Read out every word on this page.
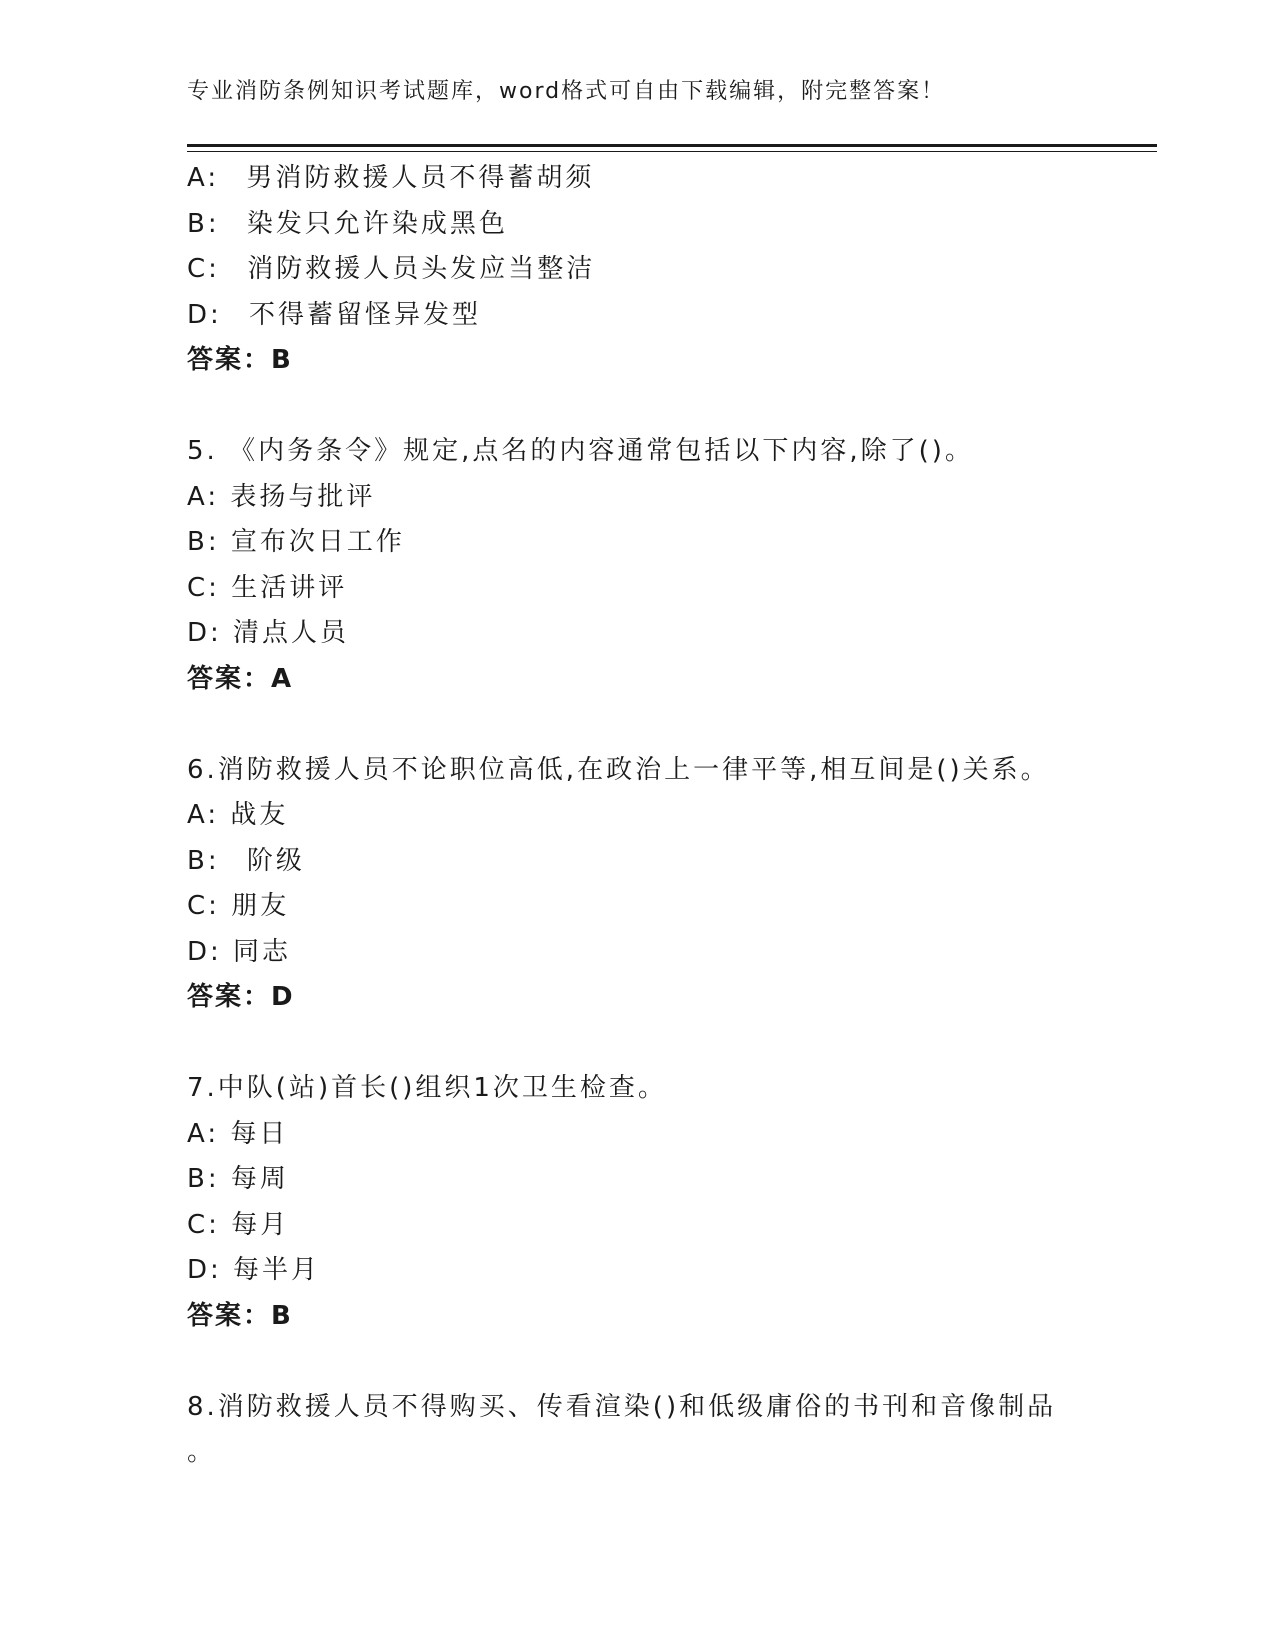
专业消防条例知识考试题库，word格式可自由下载编辑，附完整答案！
A: 男消防救援人员不得蓄胡须
B: 染发只允许染成黑色
C: 消防救援人员头发应当整洁
D: 不得蓄留怪异发型
答案：B
5. 《内务条令》规定,点名的内容通常包括以下内容,除了()。
A: 表扬与批评
B: 宣布次日工作
C: 生活讲评
D: 清点人员
答案：A
6.消防救援人员不论职位高低,在政治上一律平等,相互间是()关系。
A: 战友
B: 阶级
C: 朋友
D: 同志
答案：D
7.中队(站)首长()组织1次卫生检查。
A: 每日
B: 每周
C: 每月
D: 每半月
答案：B
8.消防救援人员不得购买、传看渲染()和低级庸俗的书刊和音像制品
。
